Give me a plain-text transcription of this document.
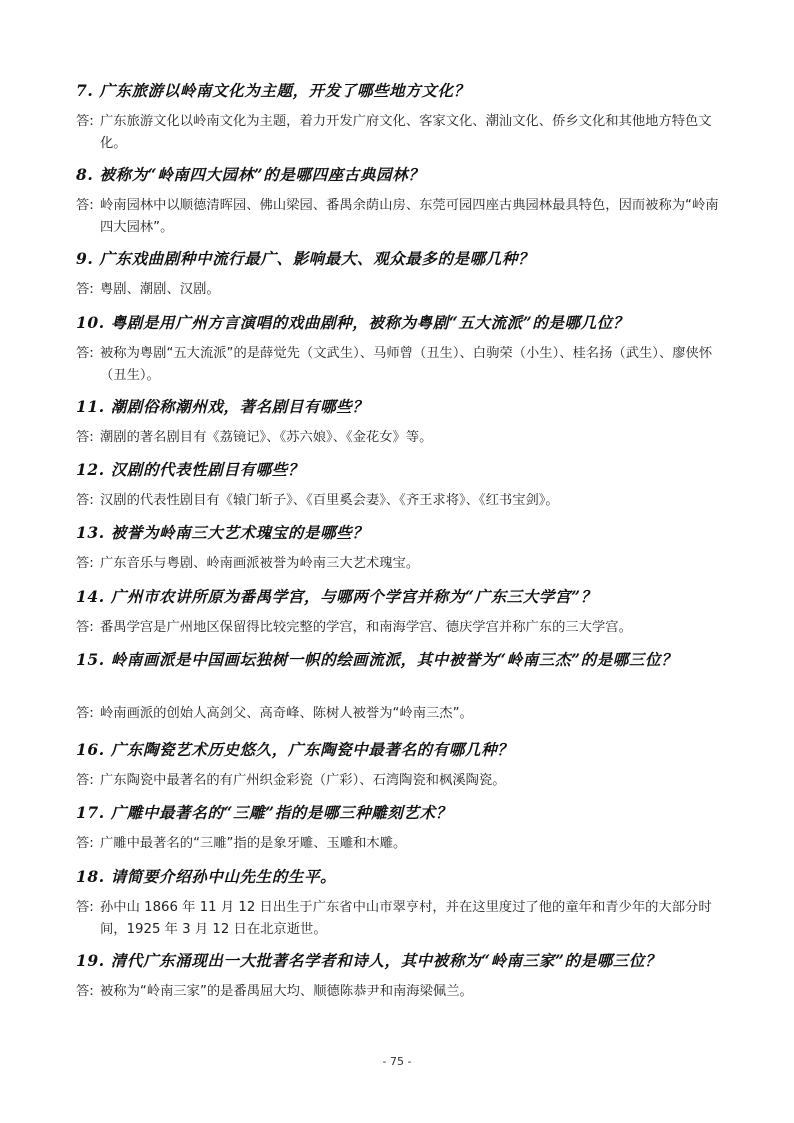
7. 广东旅游以岭南文化为主题，开发了哪些地方文化？
答: 广东旅游文化以岭南文化为主题，着力开发广府文化、客家文化、潮汕文化、侨乡文化和其他地方特色文化。
8. 被称为“岭南四大园林”的是哪四座古典园林？
答: 岭南园林中以顺德清晖园、佛山梁园、番禺余荫山房、东莞可园四座古典园林最具特色，因而被称为“岭南四大园林”。
9. 广东戏曲剧种中流行最广、影响最大、观众最多的是哪几种？
答: 粤剧、潮剧、汉剧。
10. 粤剧是用广州方言演唱的戏曲剧种，被称为粤剧“五大流派”的是哪几位？
答: 被称为粤剧“五大流派”的是薛觉先（文武生）、马师曾（丑生）、白驹荣（小生）、桂名扬（武生）、廖侠怀（丑生）。
11. 潮剧俗称潮州戏，著名剧目有哪些？
答: 潮剧的著名剧目有《荔镜记》、《苏六娘》、《金花女》等。
12. 汉剧的代表性剧目有哪些？
答: 汉剧的代表性剧目有《辕门斩子》、《百里奚会妻》、《齐王求将》、《红书宝剑》。
13. 被誉为岭南三大艺术瑰宝的是哪些？
答: 广东音乐与粤剧、岭南画派被誉为岭南三大艺术瑰宝。
14. 广州市农讲所原为番禺学宫，与哪两个学宫并称为“广东三大学宫”？
答: 番禺学宫是广州地区保留得比较完整的学宫，和南海学宫、德庆学宫并称广东的三大学宫。
15. 岭南画派是中国画坛独树一帜的绘画流派，其中被誉为“岭南三杰”的是哪三位？
答: 岭南画派的创始人高剑父、高奇峰、陈树人被誉为“岭南三杰”。
16. 广东陶瓷艺术历史悠久，广东陶瓷中最著名的有哪几种？
答: 广东陶瓷中最著名的有广州织金彩瓷（广彩）、石湾陶瓷和枫溪陶瓷。
17. 广雕中最著名的“三雕”指的是哪三种雕刻艺术？
答: 广雕中最著名的“三雕”指的是象牙雕、玉雕和木雕。
18. 请简要介绍孙中山先生的生平。
答: 孙中山 1866 年 11 月 12 日出生于广东省中山市翠亨村，并在这里度过了他的童年和青少年的大部分时间，1925 年 3 月 12 日在北京逝世。
19. 清代广东涌现出一大批著名学者和诗人，其中被称为“岭南三家”的是哪三位？
答: 被称为“岭南三家”的是番禺屈大均、顺德陈恭尹和南海梁佩兰。
- 75 -
